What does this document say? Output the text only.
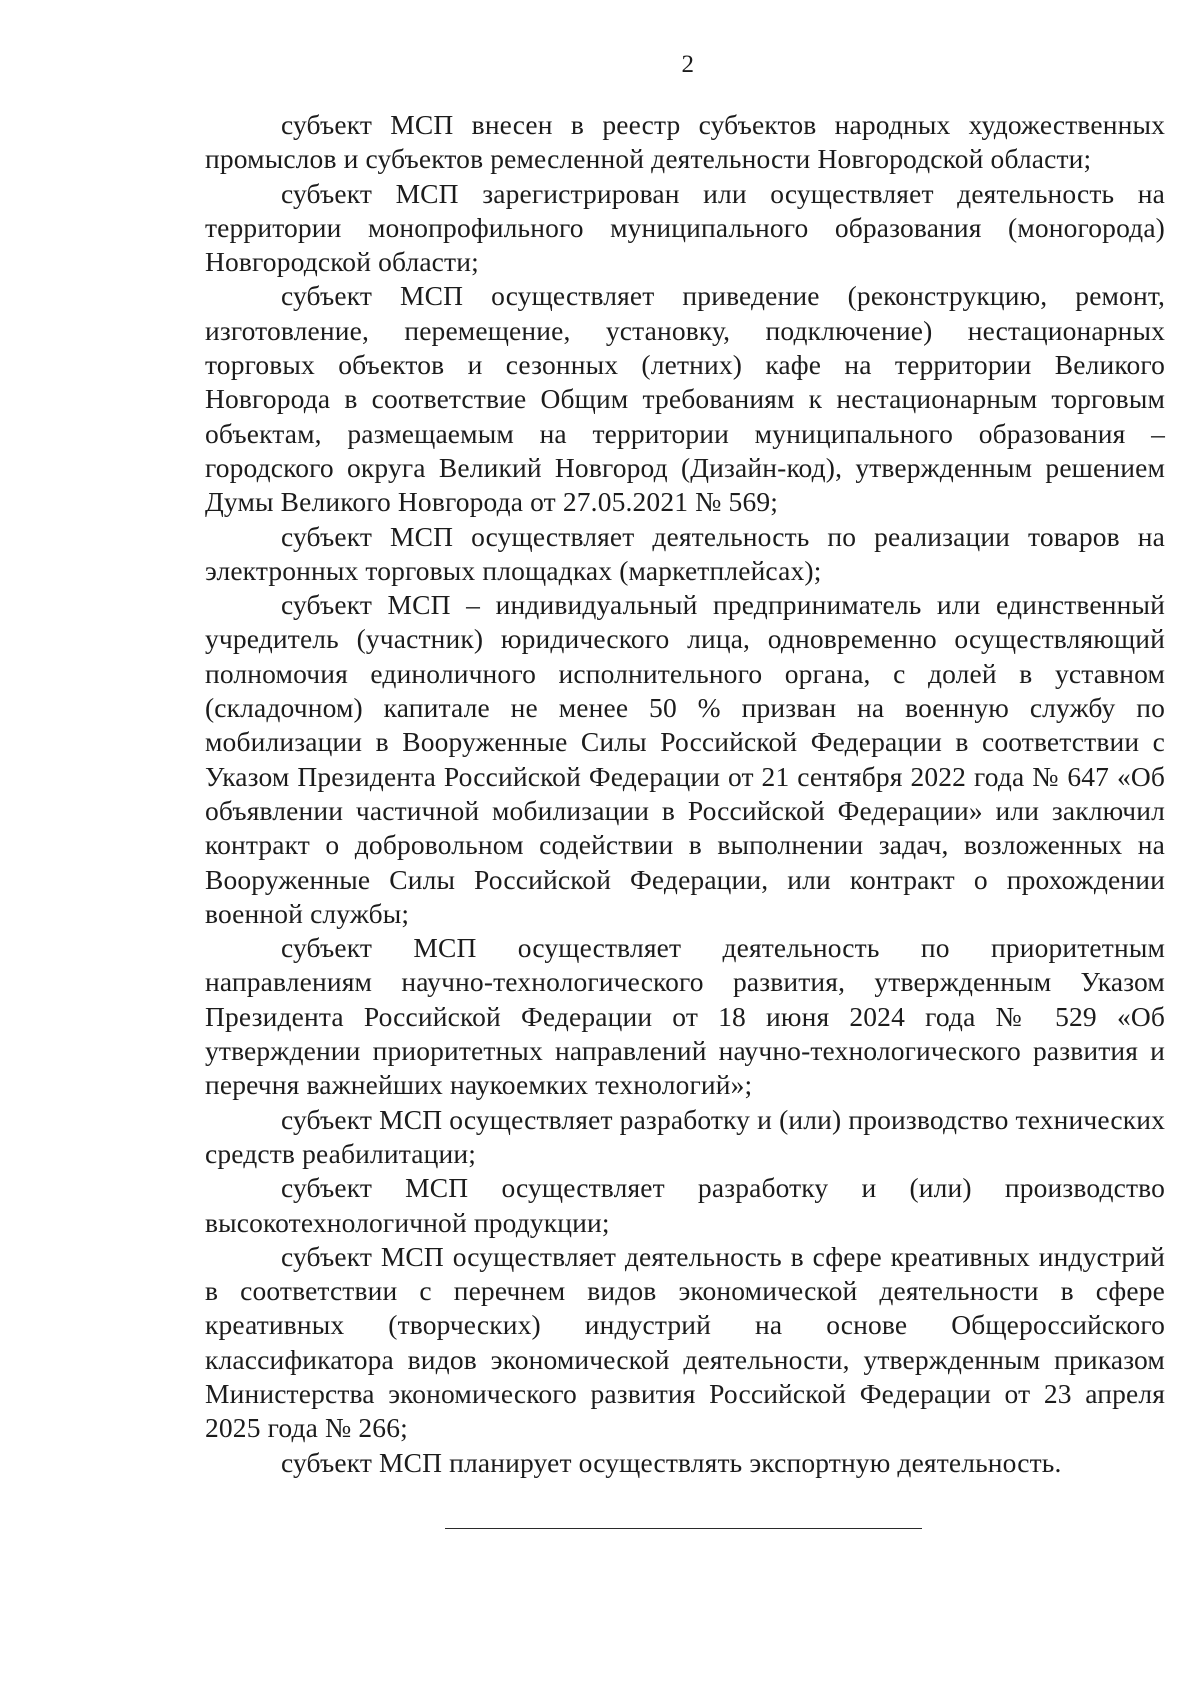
2

субъект МСП внесен в реестр субъектов народных художественных промыслов и субъектов ремесленной деятельности Новгородской области;

субъект МСП зарегистрирован или осуществляет деятельность на территории монопрофильного муниципального образования (моногорода) Новгородской области;

субъект МСП осуществляет приведение (реконструкцию, ремонт, изготовление, перемещение, установку, подключение) нестационарных торговых объектов и сезонных (летних) кафе на территории Великого Новгорода в соответствие Общим требованиям к нестационарным торговым объектам, размещаемым на территории муниципального образования – городского округа Великий Новгород (Дизайн-код), утвержденным решением Думы Великого Новгорода от 27.05.2021 № 569;

субъект МСП осуществляет деятельность по реализации товаров на электронных торговых площадках (маркетплейсах);

субъект МСП – индивидуальный предприниматель или единственный учредитель (участник) юридического лица, одновременно осуществляющий полномочия единоличного исполнительного органа, с долей в уставном (складочном) капитале не менее 50 % призван на военную службу по мобилизации в Вооруженные Силы Российской Федерации в соответствии с Указом Президента Российской Федерации от 21 сентября 2022 года № 647 «Об объявлении частичной мобилизации в Российской Федерации» или заключил контракт о добровольном содействии в выполнении задач, возложенных на Вооруженные Силы Российской Федерации, или контракт о прохождении военной службы;

субъект МСП осуществляет деятельность по приоритетным направлениям научно-технологического развития, утвержденным Указом Президента Российской Федерации от 18 июня 2024 года № 529 «Об утверждении приоритетных направлений научно-технологического развития и перечня важнейших наукоемких технологий»;

субъект МСП осуществляет разработку и (или) производство технических средств реабилитации;

субъект МСП осуществляет разработку и (или) производство высокотехнологичной продукции;

субъект МСП осуществляет деятельность в сфере креативных индустрий в соответствии с перечнем видов экономической деятельности в сфере креативных (творческих) индустрий на основе Общероссийского классификатора видов экономической деятельности, утвержденным приказом Министерства экономического развития Российской Федерации от 23 апреля 2025 года № 266;

субъект МСП планирует осуществлять экспортную деятельность.
